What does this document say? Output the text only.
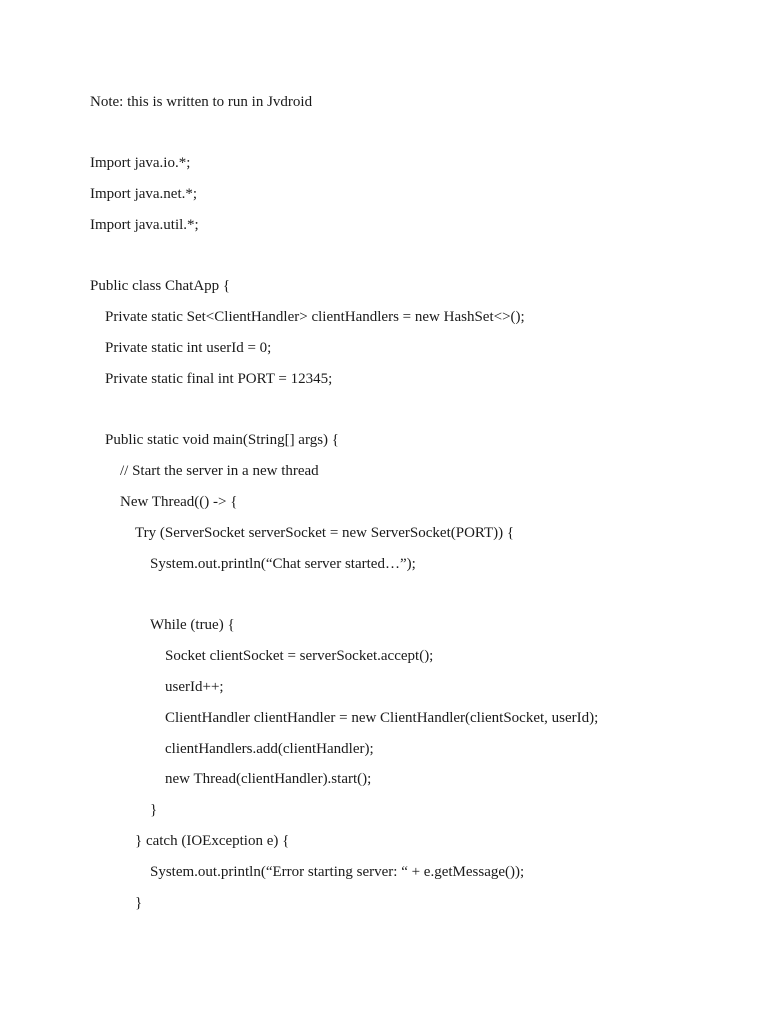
Note: this is written to run in Jvdroid
Import java.io.*;
Import java.net.*;
Import java.util.*;
Public class ChatApp {
Private static Set<ClientHandler> clientHandlers = new HashSet<>();
Private static int userId = 0;
Private static final int PORT = 12345;
Public static void main(String[] args) {
// Start the server in a new thread
New Thread(() -> {
Try (ServerSocket serverSocket = new ServerSocket(PORT)) {
System.out.println(“Chat server started…”);
While (true) {
Socket clientSocket = serverSocket.accept();
userId++;
ClientHandler clientHandler = new ClientHandler(clientSocket, userId);
clientHandlers.add(clientHandler);
new Thread(clientHandler).start();
}
} catch (IOException e) {
System.out.println(“Error starting server: “ + e.getMessage());
}
